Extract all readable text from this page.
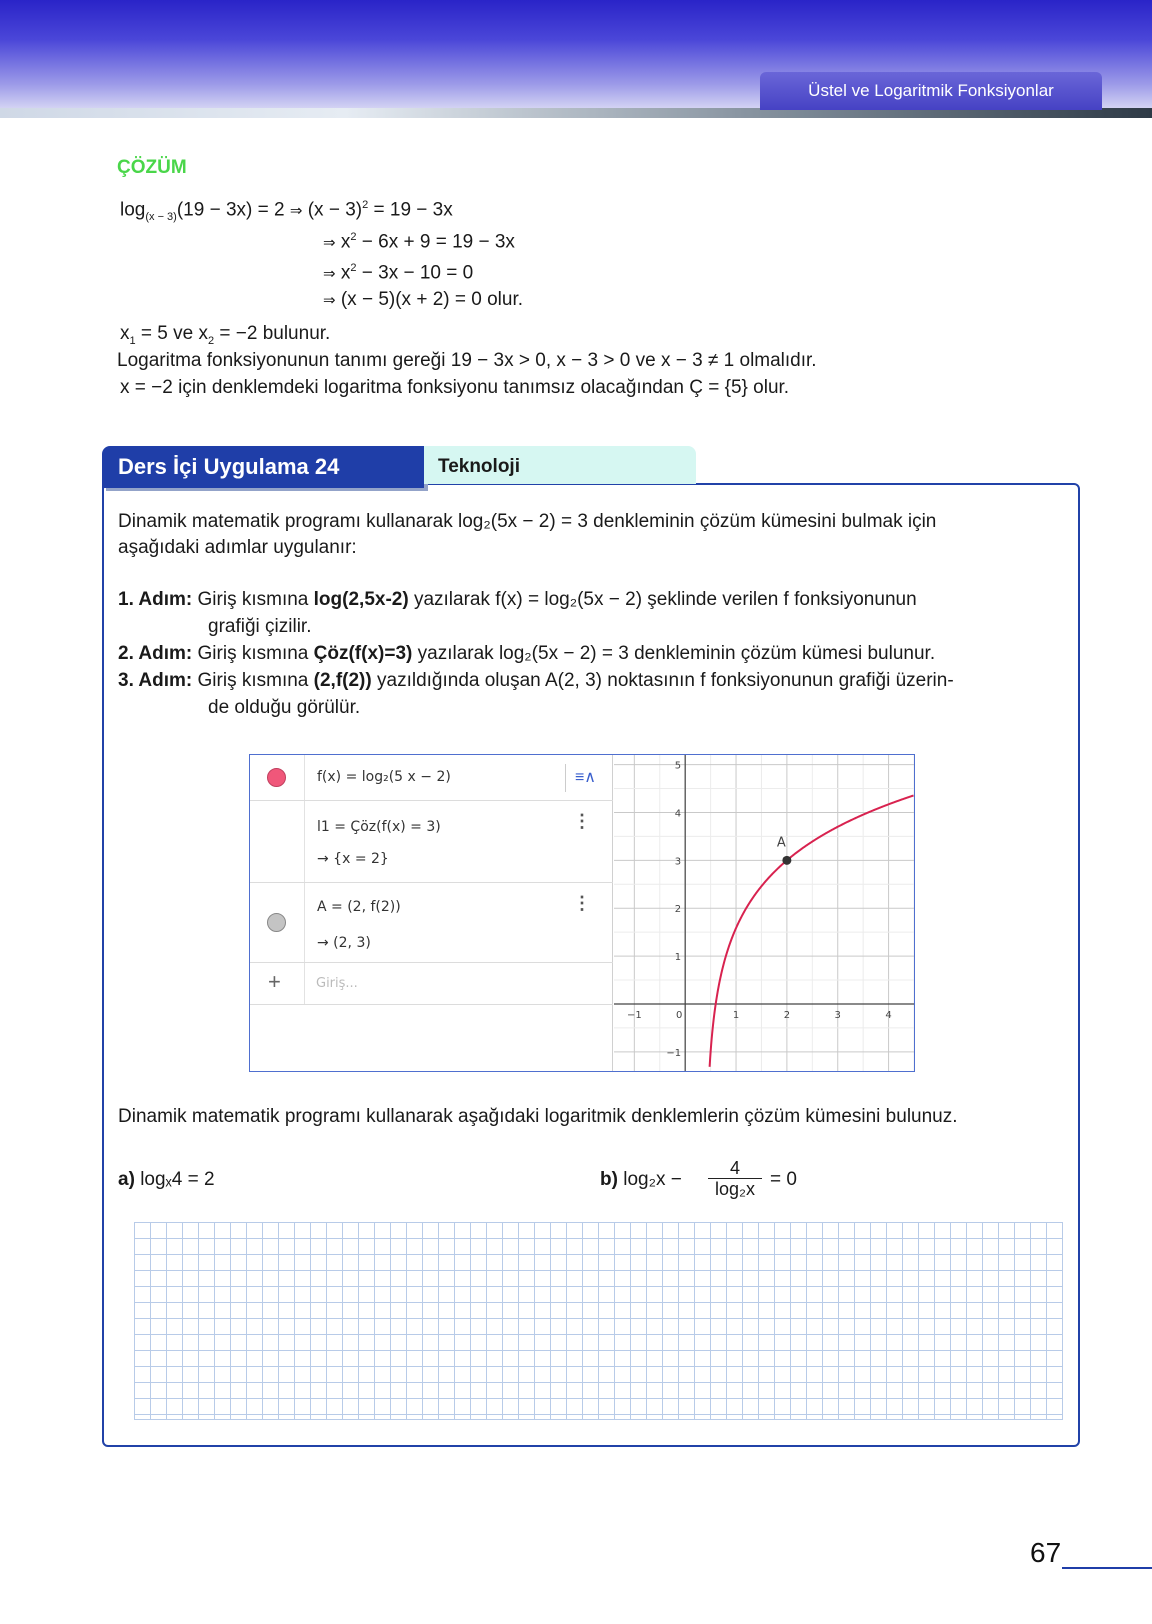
Üstel ve Logaritmik Fonksiyonlar
ÇÖZÜM
$\log_{(x - 3)}(19 - 3x) = 2$ ⇒ $(x - 3)^2 = 19 - 3x$
⇒ $x^2 - 6x + 9 = 19 - 3x$
⇒ $x^2 - 3x - 10 = 0$
⇒ (x − 5)(x + 2) = 0 olur.
$x_1 = 5$ ve $x_2 = -2$ bulunur.
Logaritma fonksiyonunun tanımı gereği 19 − 3x > 0, x − 3 > 0 ve x − 3 ≠ 1 olmalıdır.
x = −2 için denklemdeki logaritma fonksiyonu tanımsız olacağından Ç = {5} olur.
Ders İçi Uygulama 24	Teknoloji
Dinamik matematik programı kullanarak log₂(5x − 2) = 3 denkleminin çözüm kümesini bulmak için
aşağıdaki adımlar uygulanır:
1. Adım: Giriş kısmına log(2,5x-2) yazılarak f(x) = log₂(5x − 2) şeklinde verilen f fonksiyonunun
grafiği çizilir.
2. Adım: Giriş kısmına Çöz(f(x)=3) yazılarak log₂(5x − 2) = 3 denkleminin çözüm kümesi bulunur.
3. Adım: Giriş kısmına (2,f(2)) yazıldığında oluşan A(2, 3) noktasının f fonksiyonunun grafiği üzerin-
de olduğu görülür.
f(x) = log₂(5 x − 2)	≡∧
l1 = Çöz(f(x) = 3)
→ {x = 2}
⋮
A = (2, f(2))
→ (2, 3)
⋮
+	Giriş...
−1	0	1	2	3	4
−1
1
2
3
4
5
A
Dinamik matematik programı kullanarak aşağıdaki logaritmik denklemlerin çözüm kümesini bulunuz.
a) logₓ4 = 2	b) $\log_2x - \frac{4}{\text{log₂x}} = 0$
67
